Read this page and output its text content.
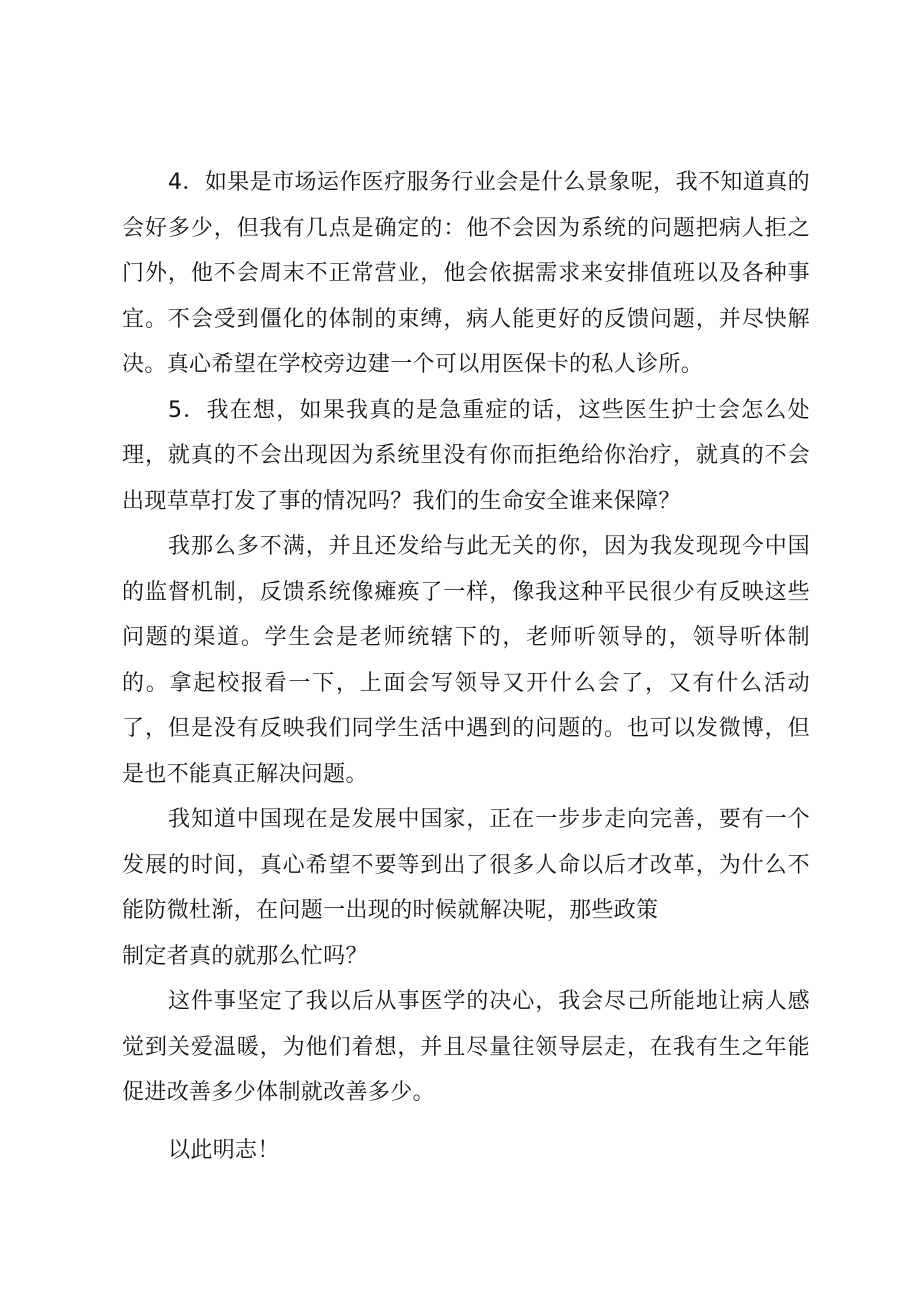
4．如果是市场运作医疗服务行业会是什么景象呢，我不知道真的会好多少，但我有几点是确定的：他不会因为系统的问题把病人拒之门外，他不会周末不正常营业，他会依据需求来安排值班以及各种事宜。不会受到僵化的体制的束缚，病人能更好的反馈问题，并尽快解决。真心希望在学校旁边建一个可以用医保卡的私人诊所。

5．我在想，如果我真的是急重症的话，这些医生护士会怎么处理，就真的不会出现因为系统里没有你而拒绝给你治疗，就真的不会出现草草打发了事的情况吗？我们的生命安全谁来保障？

我那么多不满，并且还发给与此无关的你，因为我发现现今中国的监督机制，反馈系统像瘫痪了一样，像我这种平民很少有反映这些问题的渠道。学生会是老师统辖下的，老师听领导的，领导听体制的。拿起校报看一下，上面会写领导又开什么会了，又有什么活动了，但是没有反映我们同学生活中遇到的问题的。也可以发微博，但是也不能真正解决问题。

我知道中国现在是发展中国家，正在一步步走向完善，要有一个发展的时间，真心希望不要等到出了很多人命以后才改革，为什么不能防微杜渐，在问题一出现的时候就解决呢，那些政策

制定者真的就那么忙吗？

这件事坚定了我以后从事医学的决心，我会尽己所能地让病人感觉到关爱温暖，为他们着想，并且尽量往领导层走，在我有生之年能促进改善多少体制就改善多少。

以此明志！
